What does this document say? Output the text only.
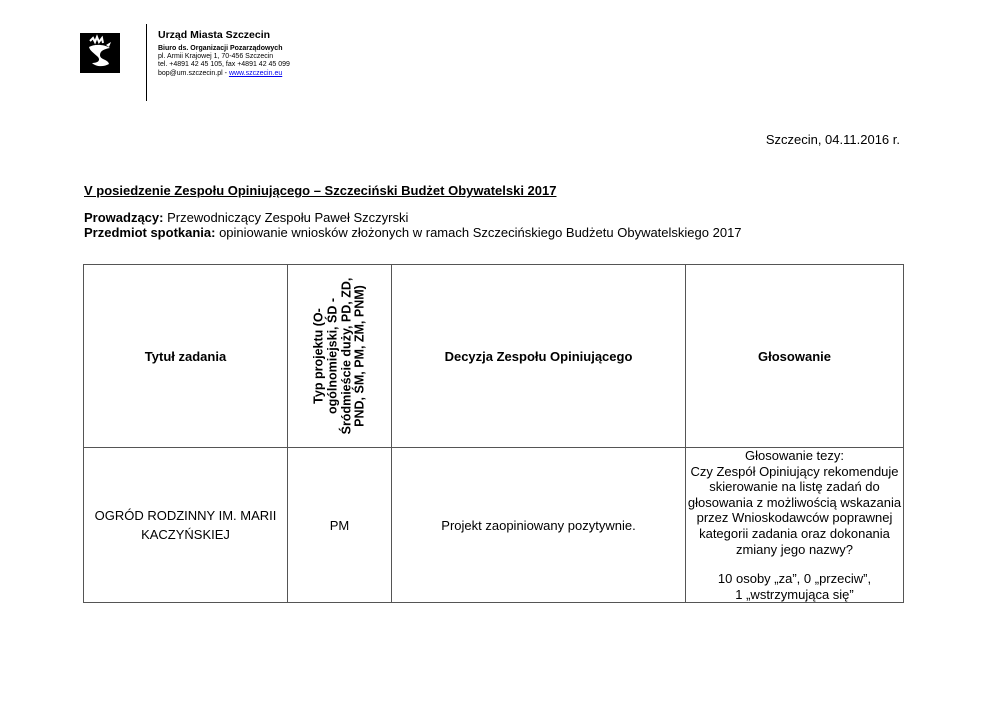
Urząd Miasta Szczecin
Biuro ds. Organizacji Pozarządowych
pl. Armii Krajowej 1, 70-456 Szczecin
tel. +4891 42 45 105, fax +4891 42 45 099
bop@um.szczecin.pl - www.szczecin.eu
Szczecin, 04.11.2016 r.
V posiedzenie Zespołu Opiniującego – Szczeciński Budżet Obywatelski 2017
Prowadzący: Przewodniczący Zespołu Paweł Szczyrski
Przedmiot spotkania: opiniowanie wniosków złożonych w ramach Szczecińskiego Budżetu Obywatelskiego 2017
Tytuł zadania	Typ projektu (O-ogólnomiejski, ŚD - Śródmieście duży, PD, ZD, PND, ŚM, PM, ZM, PNM)	Decyzja Zespołu Opiniującego	Głosowanie
OGRÓD RODZINNY IM. MARII KACZYŃSKIEJ	PM	Projekt zaopiniowany pozytywnie.	Głosowanie tezy:
Czy Zespół Opiniujący rekomenduje skierowanie na listę zadań do głosowania z możliwością wskazania przez Wnioskodawców poprawnej kategorii zadania oraz dokonania zmiany jego nazwy?
10 osoby „za”, 0 „przeciw”,
1 „wstrzymująca się”
